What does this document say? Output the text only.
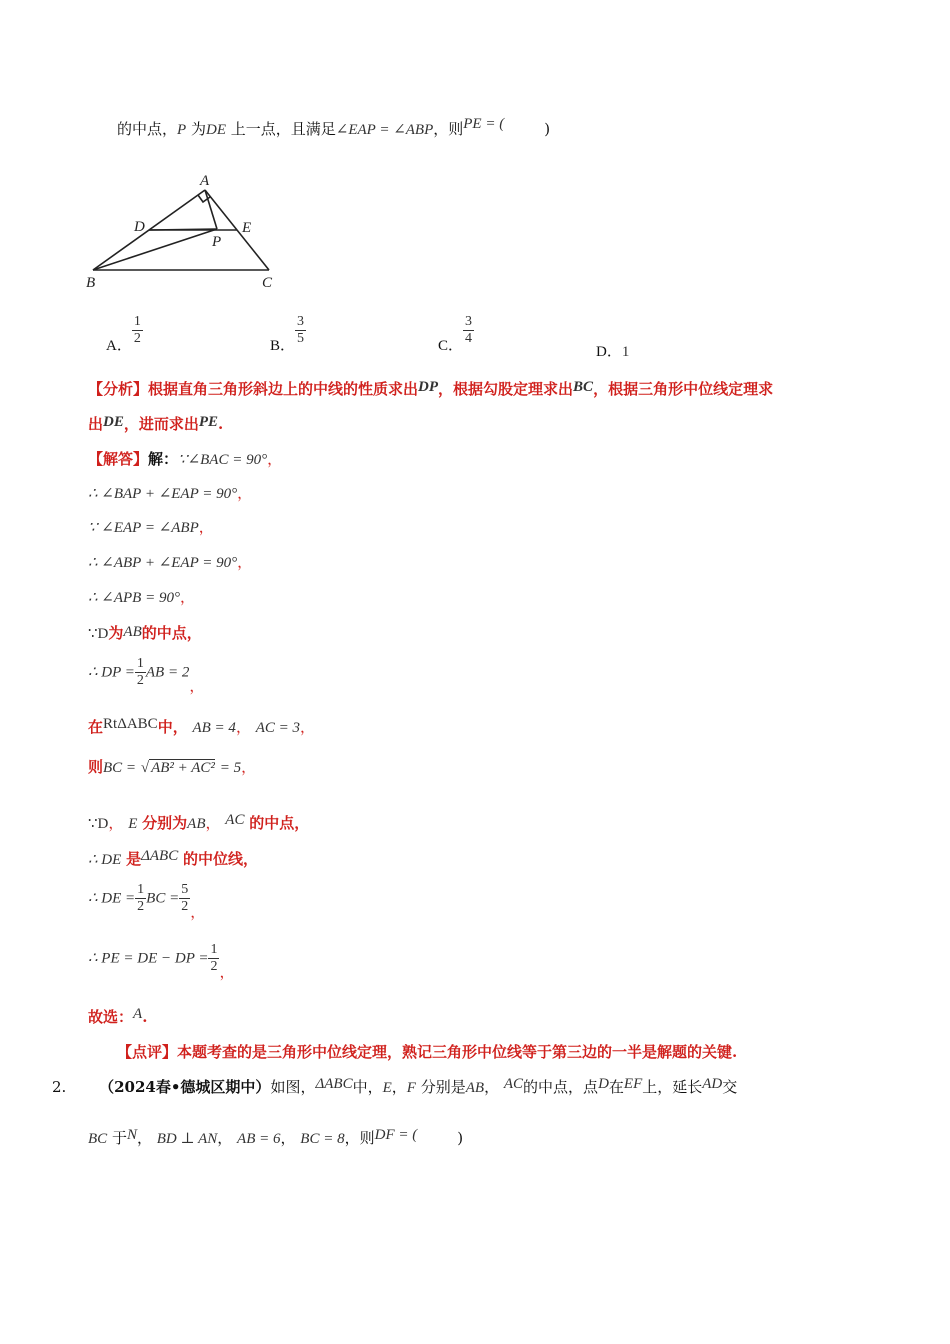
的中点，P 为DE 上一点，且满足∠EAP = ∠ABP，则PE = (	)
A
D	E
P
B	C
A． $\frac{1}{2}$	B． $\frac{3}{5}$	C． $\frac{3}{4}$
D．1
【分析】根据直角三角形斜边上的中线的性质求出DP，根据勾股定理求出BC，根据三角形中位线定理求
出DE，进而求出PE.
【解答】解：∵∠BAC = 90°，
∴ ∠BAP + ∠EAP = 90°，
∵ ∠EAP = ∠ABP，
∴ ∠ABP + ∠EAP = 90°，
∴ ∠APB = 90°，
∵D为AB的中点，
∴ DP = $\frac{1}{2}$ AB = 2，
在RtΔABC中， AB = 4， AC = 3，
则BC = √ AB² + AC² = 5，
∵D， E 分别为AB， AC 的中点，
∴ DE 是ΔABC 的中位线，
∴ DE = $\frac{1}{2}$ BC = $\frac{5}{2}$ ，
∴ PE = DE − DP = $\frac{1}{2}$ ，
故选：A.
【点评】本题考查的是三角形中位线定理，熟记三角形中位线等于第三边的一半是解题的关键.
2. （2024春•德城区期中）如图，ΔABC中，E，F 分别是AB， AC的中点，点D在EF上，延长AD交
BC 于N， BD ⊥ AN， AB = 6， BC = 8，则DF = (	)
